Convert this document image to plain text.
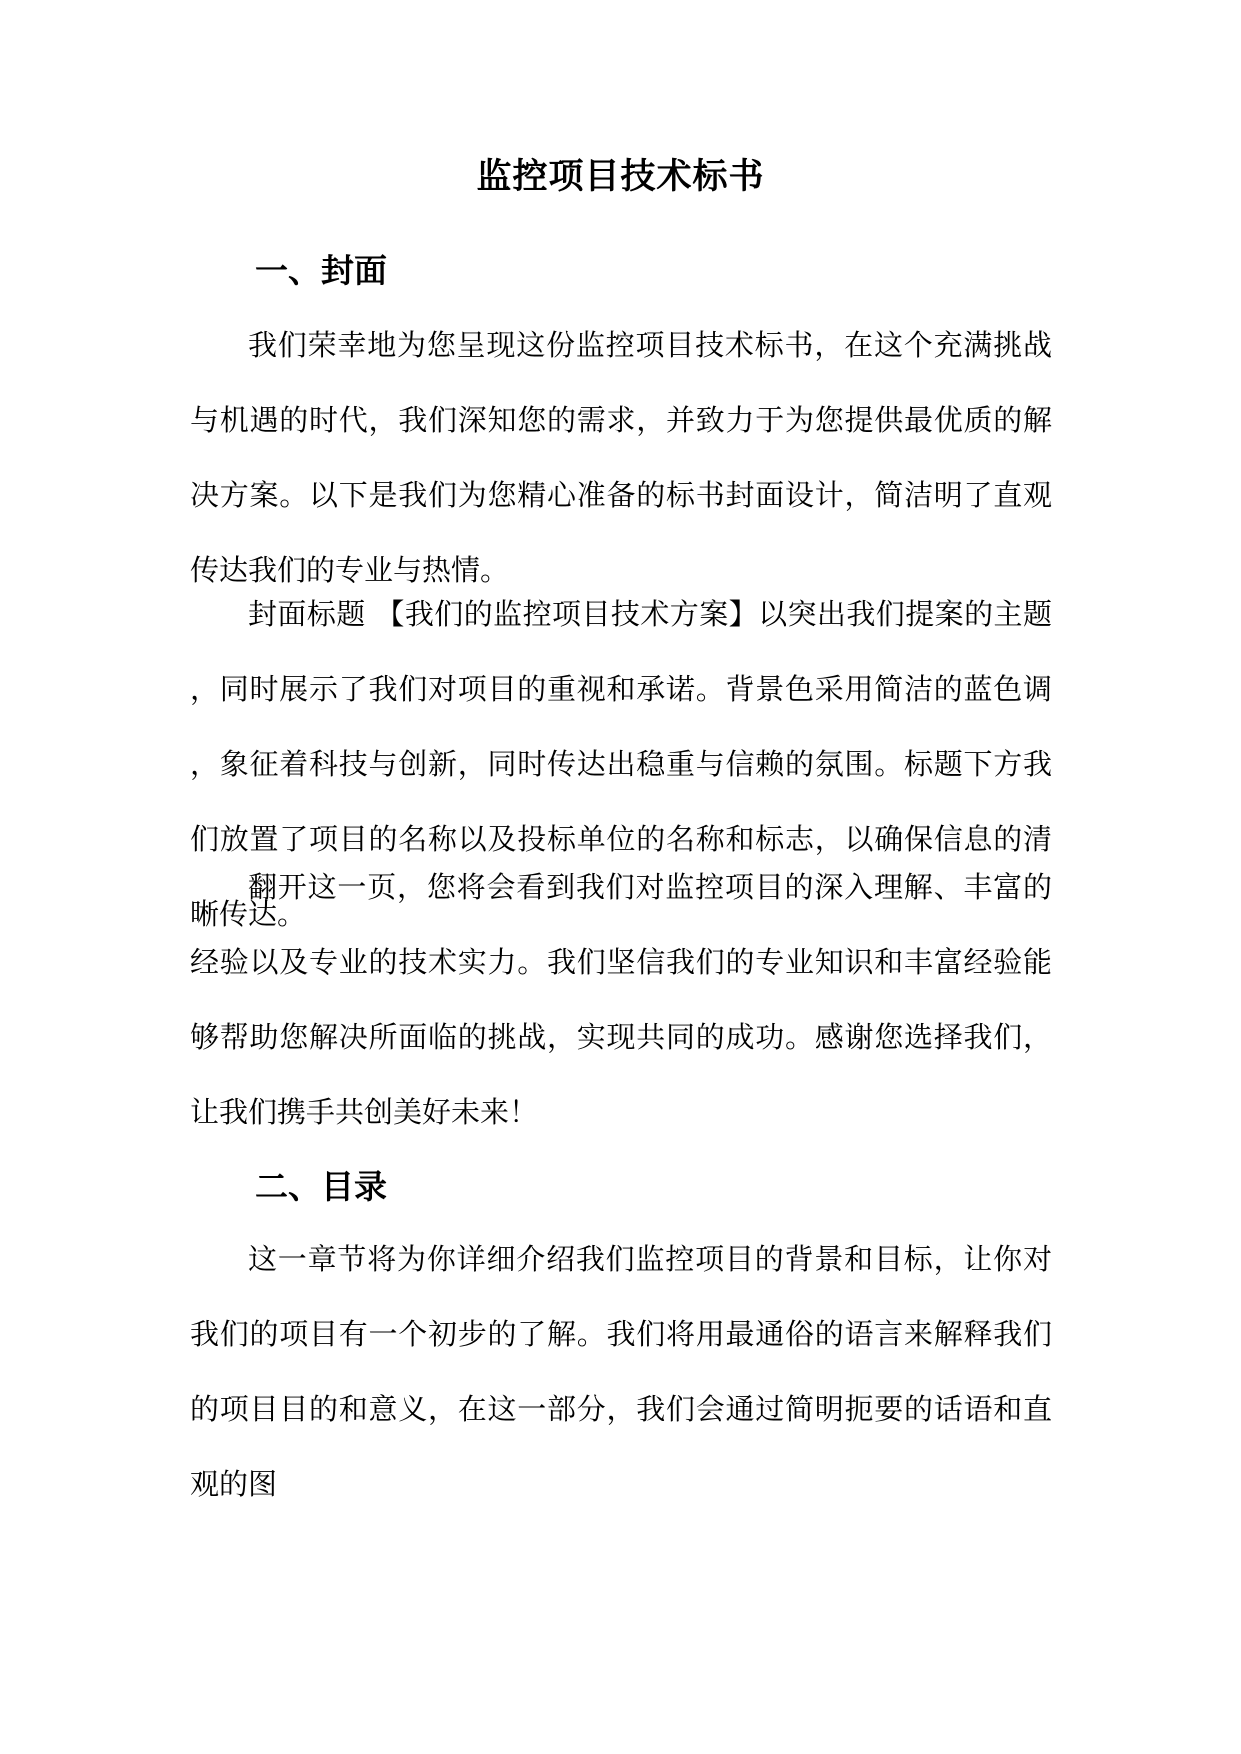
监控项目技术标书
一、封面

我们荣幸地为您呈现这份监控项目技术标书，在这个充满挑战与机遇的时代，我们深知您的需求，并致力于为您提供最优质的解决方案。以下是我们为您精心准备的标书封面设计，简洁明了直观传达我们的专业与热情。

封面标题 【我们的监控项目技术方案】以突出我们提案的主题，同时展示了我们对项目的重视和承诺。背景色采用简洁的蓝色调，象征着科技与创新，同时传达出稳重与信赖的氛围。标题下方我们放置了项目的名称以及投标单位的名称和标志，以确保信息的清晰传达。

翻开这一页，您将会看到我们对监控项目的深入理解、丰富的经验以及专业的技术实力。我们坚信我们的专业知识和丰富经验能够帮助您解决所面临的挑战，实现共同的成功。感谢您选择我们，让我们携手共创美好未来！

二、目录

这一章节将为你详细介绍我们监控项目的背景和目标，让你对我们的项目有一个初步的了解。我们将用最通俗的语言来解释我们的项目目的和意义，在这一部分，我们会通过简明扼要的话语和直观的图
